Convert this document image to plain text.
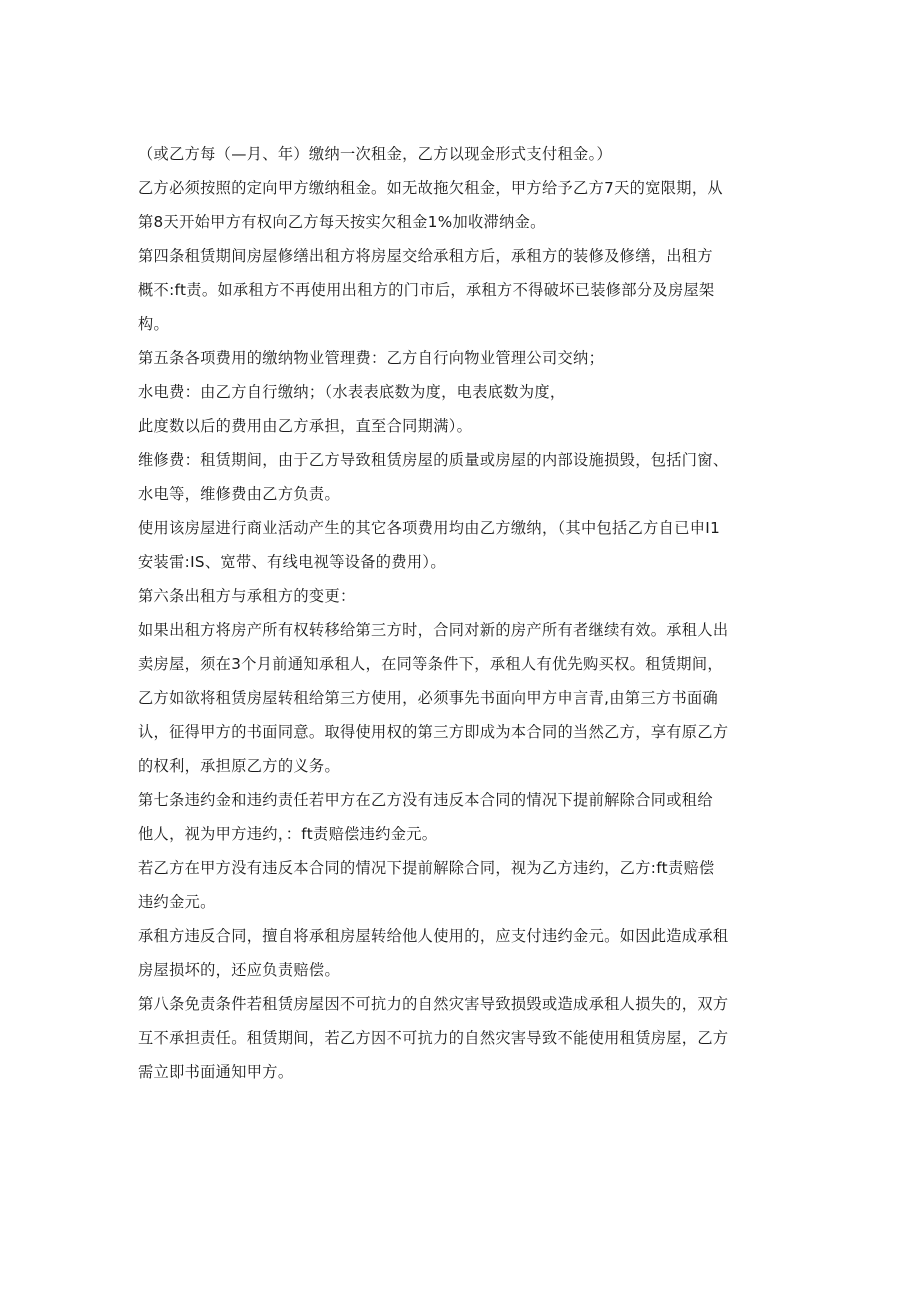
（或乙方每（—月、年）缴纳一次租金，乙方以现金形式支付租金。）
乙方必须按照的定向甲方缴纳租金。如无故拖欠租金，甲方给予乙方7天的宽限期，从
第8天开始甲方有权向乙方每天按实欠租金1%加收滞纳金。
第四条租赁期间房屋修缮出租方将房屋交给承租方后，承租方的装修及修缮，出租方
概不:ft责。如承租方不再使用出租方的门市后，承租方不得破坏已装修部分及房屋架
构。
第五条各项费用的缴纳物业管理费：乙方自行向物业管理公司交纳；
水电费：由乙方自行缴纳；（水表表底数为度，电表底数为度，
此度数以后的费用由乙方承担，直至合同期满）。
维修费：租赁期间，由于乙方导致租赁房屋的质量或房屋的内部设施损毁，包括门窗、
水电等，维修费由乙方负责。
使用该房屋进行商业活动产生的其它各项费用均由乙方缴纳，（其中包括乙方自已申I1
安装雷:IS、宽带、有线电视等设备的费用）。
第六条出租方与承租方的变更：
如果出租方将房产所有权转移给第三方时，合同对新的房产所有者继续有效。承租人出
卖房屋，须在3个月前通知承租人，在同等条件下，承租人有优先购买权。租赁期间，
乙方如欲将租赁房屋转租给第三方使用，必须事先书面向甲方申言青,由第三方书面确
认，征得甲方的书面同意。取得使用权的第三方即成为本合同的当然乙方，享有原乙方
的权利，承担原乙方的义务。
第七条违约金和违约责任若甲方在乙方没有违反本合同的情况下提前解除合同或租给
他人，视为甲方违约，：ft责赔偿违约金元。
若乙方在甲方没有违反本合同的情况下提前解除合同，视为乙方违约，乙方:ft责赔偿
违约金元。
承租方违反合同，擅自将承租房屋转给他人使用的，应支付违约金元。如因此造成承租
房屋损坏的，还应负责赔偿。
第八条免责条件若租赁房屋因不可抗力的自然灾害导致损毁或造成承租人损失的，双方
互不承担责任。租赁期间，若乙方因不可抗力的自然灾害导致不能使用租赁房屋，乙方
需立即书面通知甲方。
